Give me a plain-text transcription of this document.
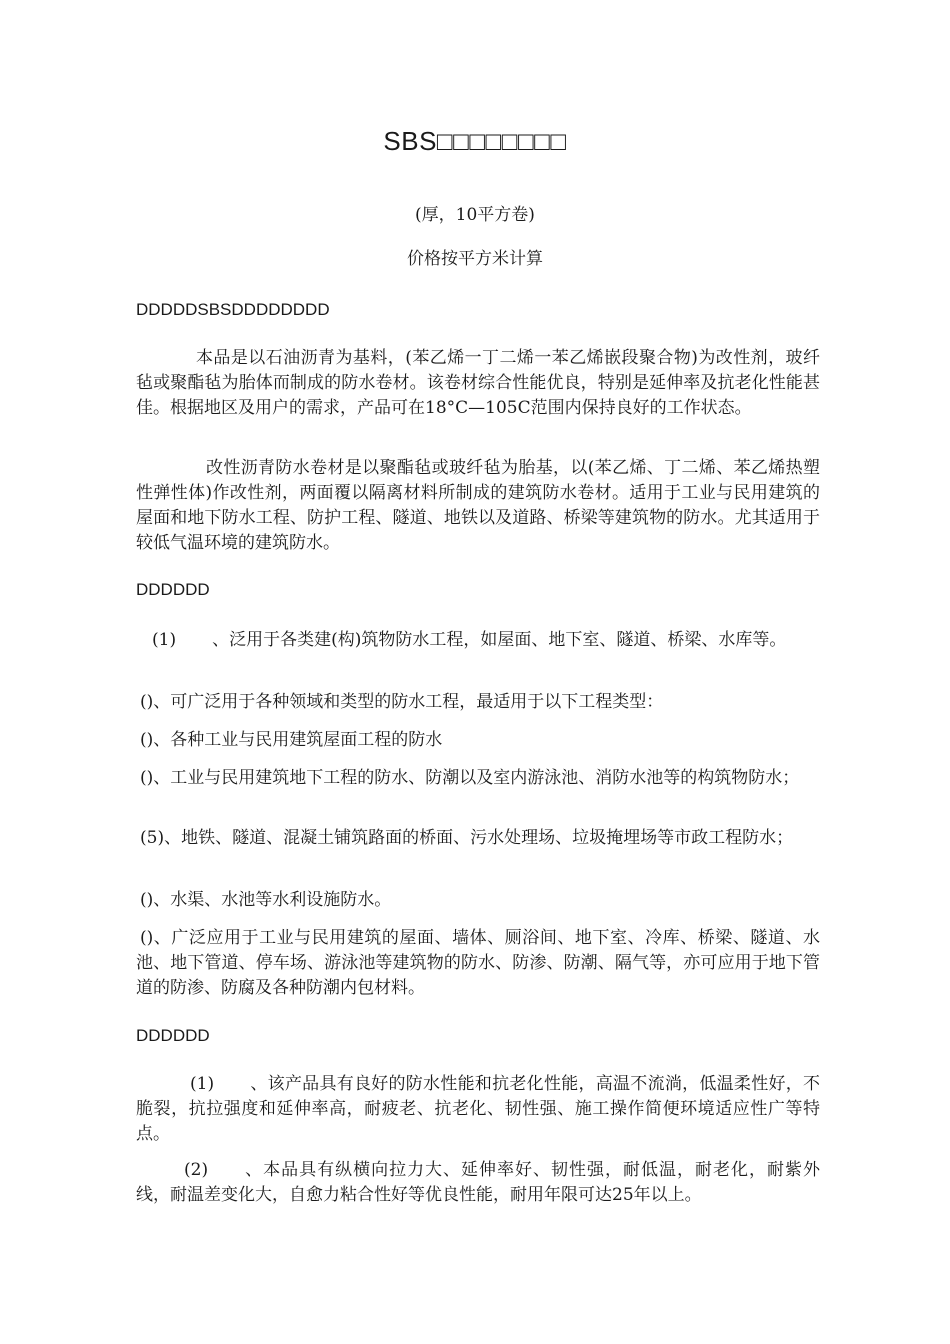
SBS□□□□□□□□
(厚，10平方卷)
价格按平方米计算
DDDDDSBSDDDDDDDD

本品是以石油沥青为基料，(苯乙烯一丁二烯一苯乙烯嵌段聚合物)为改性剂，玻纤毡或聚酯毡为胎体而制成的防水卷材。该卷材综合性能优良，特别是延伸率及抗老化性能甚佳。根据地区及用户的需求，产品可在18°C—105C范围内保持良好的工作状态。

改性沥青防水卷材是以聚酯毡或玻纤毡为胎基，以(苯乙烯、丁二烯、苯乙烯热塑性弹性体)作改性剂，两面覆以隔离材料所制成的建筑防水卷材。适用于工业与民用建筑的屋面和地下防水工程、防护工程、隧道、地铁以及道路、桥梁等建筑物的防水。尤其适用于较低气温环境的建筑防水。

DDDDDD

(1) 、泛用于各类建(构)筑物防水工程，如屋面、地下室、隧道、桥梁、水库等。

()、可广泛用于各种领域和类型的防水工程，最适用于以下工程类型：

()、各种工业与民用建筑屋面工程的防水

()、工业与民用建筑地下工程的防水、防潮以及室内游泳池、消防水池等的构筑物防水；

(5)、地铁、隧道、混凝土铺筑路面的桥面、污水处理场、垃圾掩埋场等市政工程防水；

()、水渠、水池等水利设施防水。

()、广泛应用于工业与民用建筑的屋面、墙体、厕浴间、地下室、冷库、桥梁、隧道、水池、地下管道、停车场、游泳池等建筑物的防水、防渗、防潮、隔气等，亦可应用于地下管道的防渗、防腐及各种防潮内包材料。

DDDDDD

(1) 、该产品具有良好的防水性能和抗老化性能，高温不流淌，低温柔性好，不脆裂，抗拉强度和延伸率高，耐疲老、抗老化、韧性强、施工操作简便环境适应性广等特点。

(2) 、本品具有纵横向拉力大、延伸率好、韧性强，耐低温，耐老化，耐紫外线，耐温差变化大，自愈力粘合性好等优良性能，耐用年限可达25年以上。
